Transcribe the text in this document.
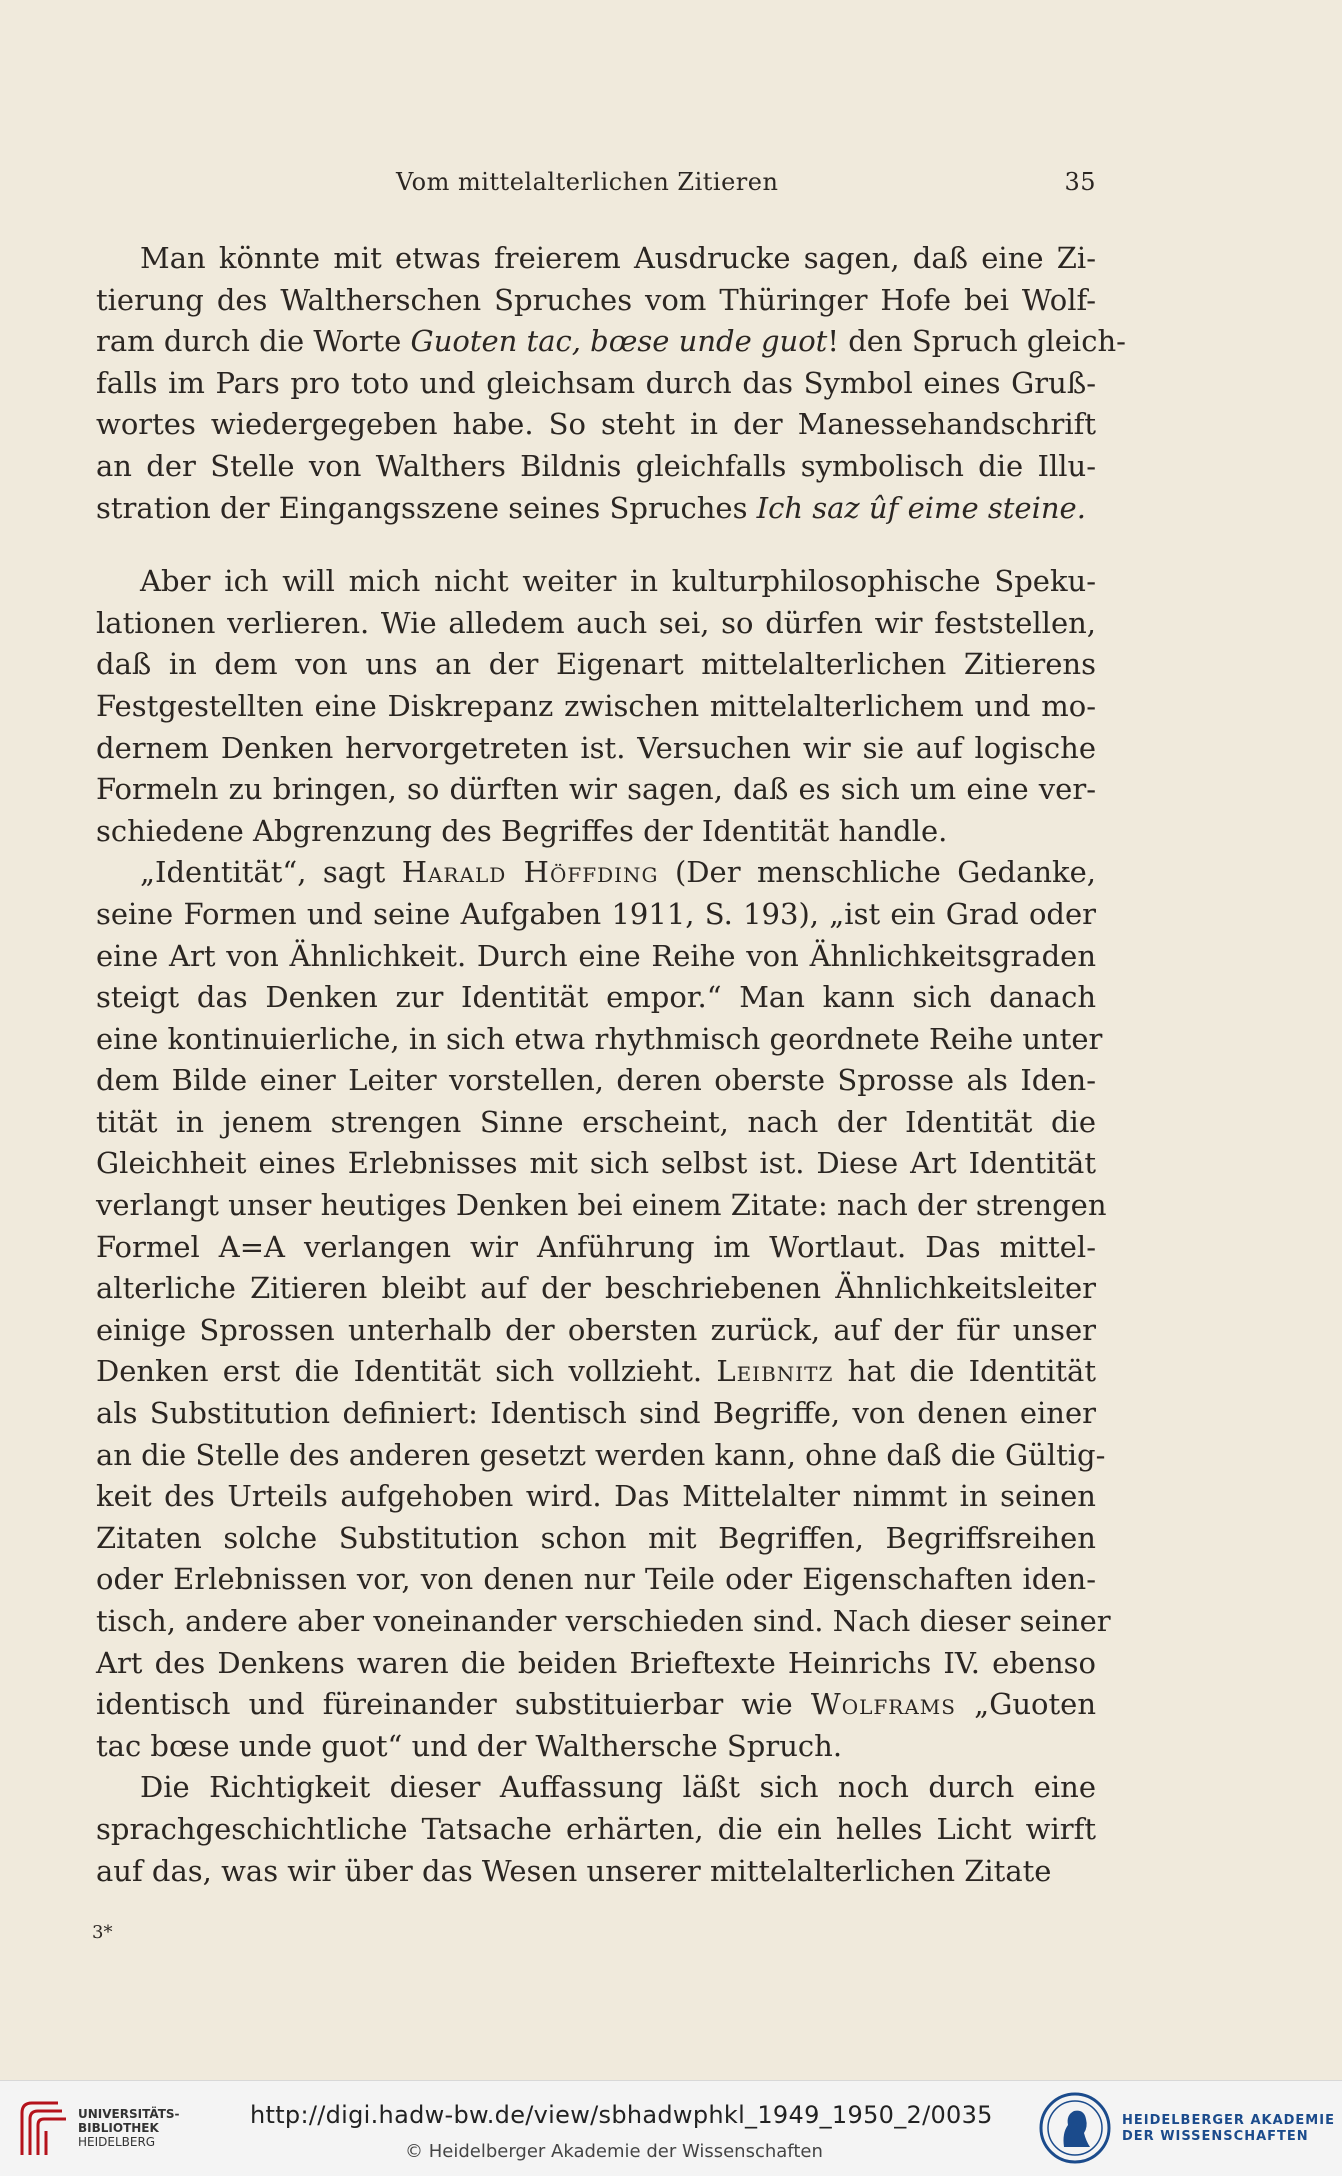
Vom mittelalterlichen Zitieren	35
Man könnte mit etwas freierem Ausdrucke sagen, daß eine Zi-
tierung des Waltherschen Spruches vom Thüringer Hofe bei Wolf-
ram durch die Worte Guoten tac, bœse unde guot! den Spruch gleich-
falls im Pars pro toto und gleichsam durch das Symbol eines Gruß-
wortes wiedergegeben habe. So steht in der Manessehandschrift
an der Stelle von Walthers Bildnis gleichfalls symbolisch die Illu-
stration der Eingangsszene seines Spruches Ich saz ûf eime steine.
Aber ich will mich nicht weiter in kulturphilosophische Speku-
lationen verlieren. Wie alledem auch sei, so dürfen wir feststellen,
daß in dem von uns an der Eigenart mittelalterlichen Zitierens
Festgestellten eine Diskrepanz zwischen mittelalterlichem und mo-
dernem Denken hervorgetreten ist. Versuchen wir sie auf logische
Formeln zu bringen, so dürften wir sagen, daß es sich um eine ver-
schiedene Abgrenzung des Begriffes der Identität handle.
„Identität“, sagt Harald Höffding (Der menschliche Gedanke,
seine Formen und seine Aufgaben 1911, S. 193), „ist ein Grad oder
eine Art von Ähnlichkeit. Durch eine Reihe von Ähnlichkeitsgraden
steigt das Denken zur Identität empor.“ Man kann sich danach
eine kontinuierliche, in sich etwa rhythmisch geordnete Reihe unter
dem Bilde einer Leiter vorstellen, deren oberste Sprosse als Iden-
tität in jenem strengen Sinne erscheint, nach der Identität die
Gleichheit eines Erlebnisses mit sich selbst ist. Diese Art Identität
verlangt unser heutiges Denken bei einem Zitate: nach der strengen
Formel A=A verlangen wir Anführung im Wortlaut. Das mittel-
alterliche Zitieren bleibt auf der beschriebenen Ähnlichkeitsleiter
einige Sprossen unterhalb der obersten zurück, auf der für unser
Denken erst die Identität sich vollzieht. Leibnitz hat die Identität
als Substitution definiert: Identisch sind Begriffe, von denen einer
an die Stelle des anderen gesetzt werden kann, ohne daß die Gültig-
keit des Urteils aufgehoben wird. Das Mittelalter nimmt in seinen
Zitaten solche Substitution schon mit Begriffen, Begriffsreihen
oder Erlebnissen vor, von denen nur Teile oder Eigenschaften iden-
tisch, andere aber voneinander verschieden sind. Nach dieser seiner
Art des Denkens waren die beiden Brieftexte Heinrichs IV. ebenso
identisch und füreinander substituierbar wie Wolframs „Guoten
tac bœse unde guot“ und der Walthersche Spruch.
Die Richtigkeit dieser Auffassung läßt sich noch durch eine
sprachgeschichtliche Tatsache erhärten, die ein helles Licht wirft
auf das, was wir über das Wesen unserer mittelalterlichen Zitate
3*
UNIVERSITÄTS-
BIBLIOTHEK
HEIDELBERG
http://digi.hadw-bw.de/view/sbhadwphkl_1949_1950_2/0035
© Heidelberger Akademie der Wissenschaften
HEIDELBERGER AKADEMIE
DER WISSENSCHAFTEN
